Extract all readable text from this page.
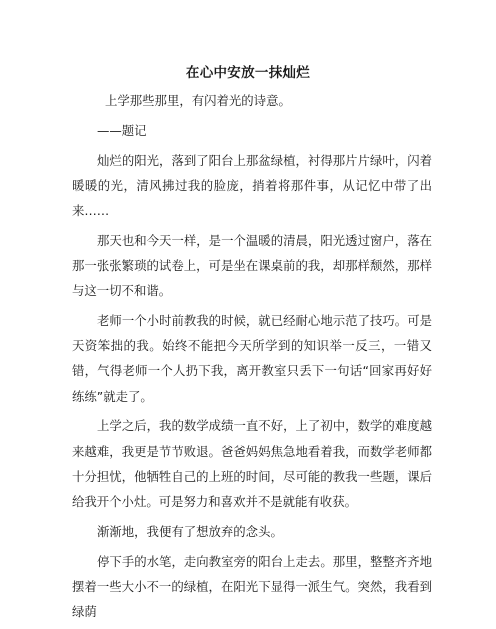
在心中安放一抹灿烂

上学那些那里，有闪着光的诗意。

——题记

灿烂的阳光，落到了阳台上那盆绿植，衬得那片片绿叶，闪着暖暖的光，清风拂过我的脸庞，捎着将那件事，从记忆中带了出来……

那天也和今天一样，是一个温暖的清晨，阳光透过窗户，落在那一张张繁琐的试卷上，可是坐在课桌前的我，却那样颓然，那样与这一切不和谐。

老师一个小时前教我的时候，就已经耐心地示范了技巧。可是天资笨拙的我。始终不能把今天所学到的知识举一反三，一错又错，气得老师一个人扔下我，离开教室只丢下一句话“回家再好好练练”就走了。

上学之后，我的数学成绩一直不好，上了初中，数学的难度越来越难，我更是节节败退。爸爸妈妈焦急地看着我，而数学老师都十分担忧，他牺牲自己的上班的时间，尽可能的教我一些题，课后给我开个小灶。可是努力和喜欢并不是就能有收获。

渐渐地，我便有了想放弃的念头。

停下手的水笔，走向教室旁的阳台上走去。那里，整整齐齐地摆着一些大小不一的绿植，在阳光下显得一派生气。突然，我看到绿荫
